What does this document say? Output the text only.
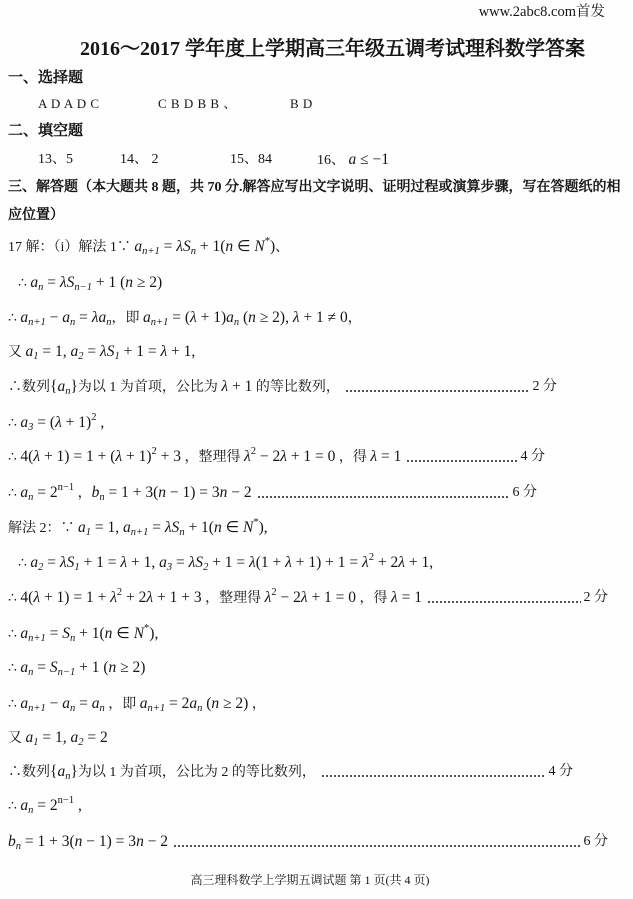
www.2abc8.com首发
2016～2017 学年度上学期高三年级五调考试理科数学答案
一、选择题
A D A D C	C B D B B 、	B D
二、填空题
13、5	14、 2	15、84	16、 a ≤ −1
三、解答题（本大题共 8 题，共 70 分.解答应写出文字说明、证明过程或演算步骤，写在答题纸的相
应位置）
17 解：（i）解法 1∵ $a_{n+1} = \lambda S_n + 1(n$ ∈ N*)、
∴ $a_n = \lambda S_{n-1} + 1$ (n ≥ 2)
∴ $a_{n+1} - a_n = \lambda a_n$，即 $a_{n+1} = (\lambda + 1)a_n$ (n ≥ 2), λ + 1 ≠ 0，
又 $a_1 = 1$, $a_2 = \lambda S_1 + 1 = \lambda + 1$,
∴数列$\{a_n\}$为以 1 为首项，公比为 λ + 1 的等比数列，	2 分
∴ $a_3 = (\lambda + 1)^2$ ,
∴ $4(\lambda + 1) = 1 + (\lambda + 1)^2 + 3$ ，整理得 $\lambda^2 - 2\lambda + 1 = 0$ ，得 λ = 1	4 分
∴ $a_n = 2^{n-1}$ ，$b_n = 1 + 3(n - 1) = 3n - 2$	6 分
解法 2：∵ $a_1 = 1$, $a_{n+1} = \lambda S_n + 1(n$ ∈ N*),
∴ $a_2 = \lambda S_1 + 1 = \lambda + 1$, $a_3 = \lambda S_2 + 1 = \lambda(1 + \lambda + 1) + 1 = \lambda^2 + 2\lambda + 1$,
∴ $4(\lambda + 1) = 1 + \lambda^2 + 2\lambda + 1 + 3$ ，整理得 $\lambda^2 - 2\lambda + 1 = 0$ ，得 λ = 1	2 分
∴ $a_{n+1} = S_n + 1(n$ ∈ N*),
∴ $a_n = S_{n-1} + 1$ (n ≥ 2)
∴ $a_{n+1} - a_n = a_n$ ，即 $a_{n+1} = 2a_n$ (n ≥ 2) ，
又 $a_1 = 1$, $a_2 = 2$
∴数列$\{a_n\}$为以 1 为首项，公比为 2 的等比数列，	4 分
∴ $a_n = 2^{n-1}$ ,
$b_n = 1 + 3(n - 1) = 3n - 2$	6 分
高三理科数学上学期五调试题 第 1 页(共 4 页)
